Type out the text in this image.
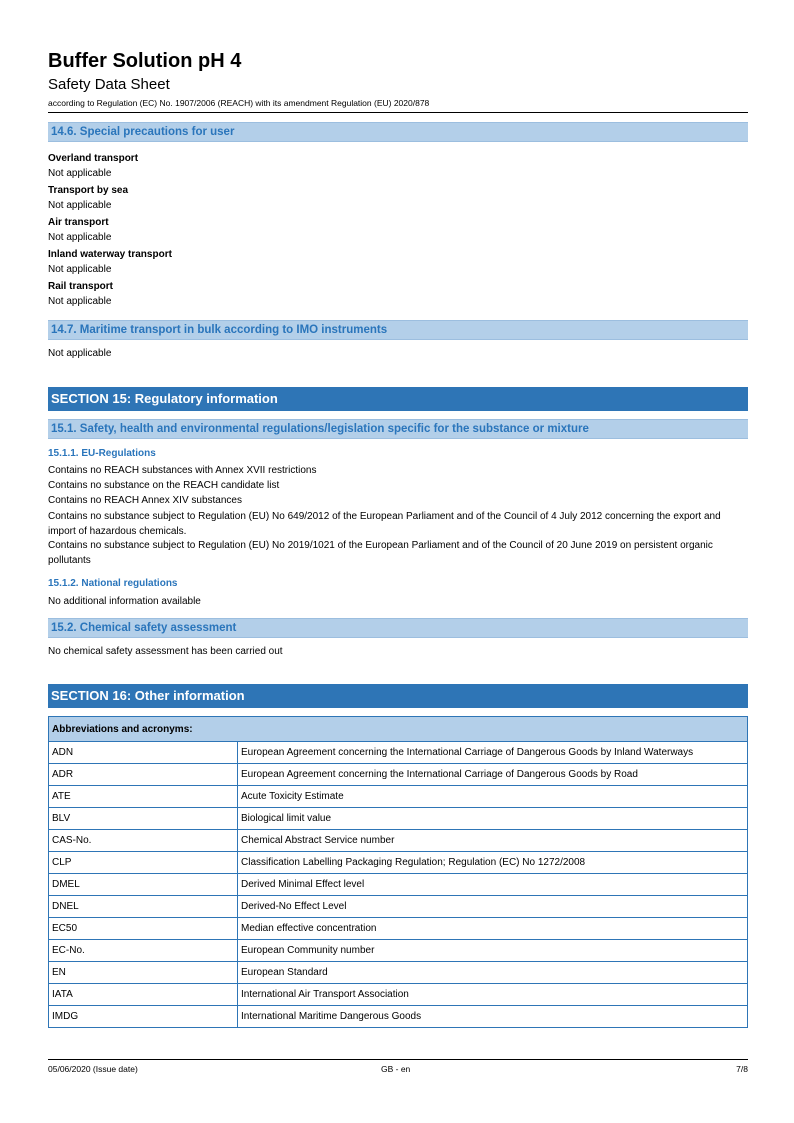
Buffer Solution pH 4
Safety Data Sheet
according to Regulation (EC) No. 1907/2006 (REACH) with its amendment Regulation (EU) 2020/878
14.6. Special precautions for user
Overland transport
Not applicable
Transport by sea
Not applicable
Air transport
Not applicable
Inland waterway transport
Not applicable
Rail transport
Not applicable
14.7. Maritime transport in bulk according to IMO instruments
Not applicable
SECTION 15: Regulatory information
15.1. Safety, health and environmental regulations/legislation specific for the substance or mixture
15.1.1. EU-Regulations
Contains no REACH substances with Annex XVII restrictions
Contains no substance on the REACH candidate list
Contains no REACH Annex XIV substances
Contains no substance subject to Regulation (EU) No 649/2012 of the European Parliament and of the Council of 4 July 2012 concerning the export and import of hazardous chemicals.
Contains no substance subject to Regulation (EU) No 2019/1021 of the European Parliament and of the Council of 20 June 2019 on persistent organic pollutants
15.1.2. National regulations
No additional information available
15.2. Chemical safety assessment
No chemical safety assessment has been carried out
SECTION 16: Other information
Abbreviations and acronyms:	
ADN	European Agreement concerning the International Carriage of Dangerous Goods by Inland Waterways
ADR	European Agreement concerning the International Carriage of Dangerous Goods by Road
ATE	Acute Toxicity Estimate
BLV	Biological limit value
CAS-No.	Chemical Abstract Service number
CLP	Classification Labelling Packaging Regulation; Regulation (EC) No 1272/2008
DMEL	Derived Minimal Effect level
DNEL	Derived-No Effect Level
EC50	Median effective concentration
EC-No.	European Community number
EN	European Standard
IATA	International Air Transport Association
IMDG	International Maritime Dangerous Goods
05/06/2020 (Issue date)	GB - en	7/8
